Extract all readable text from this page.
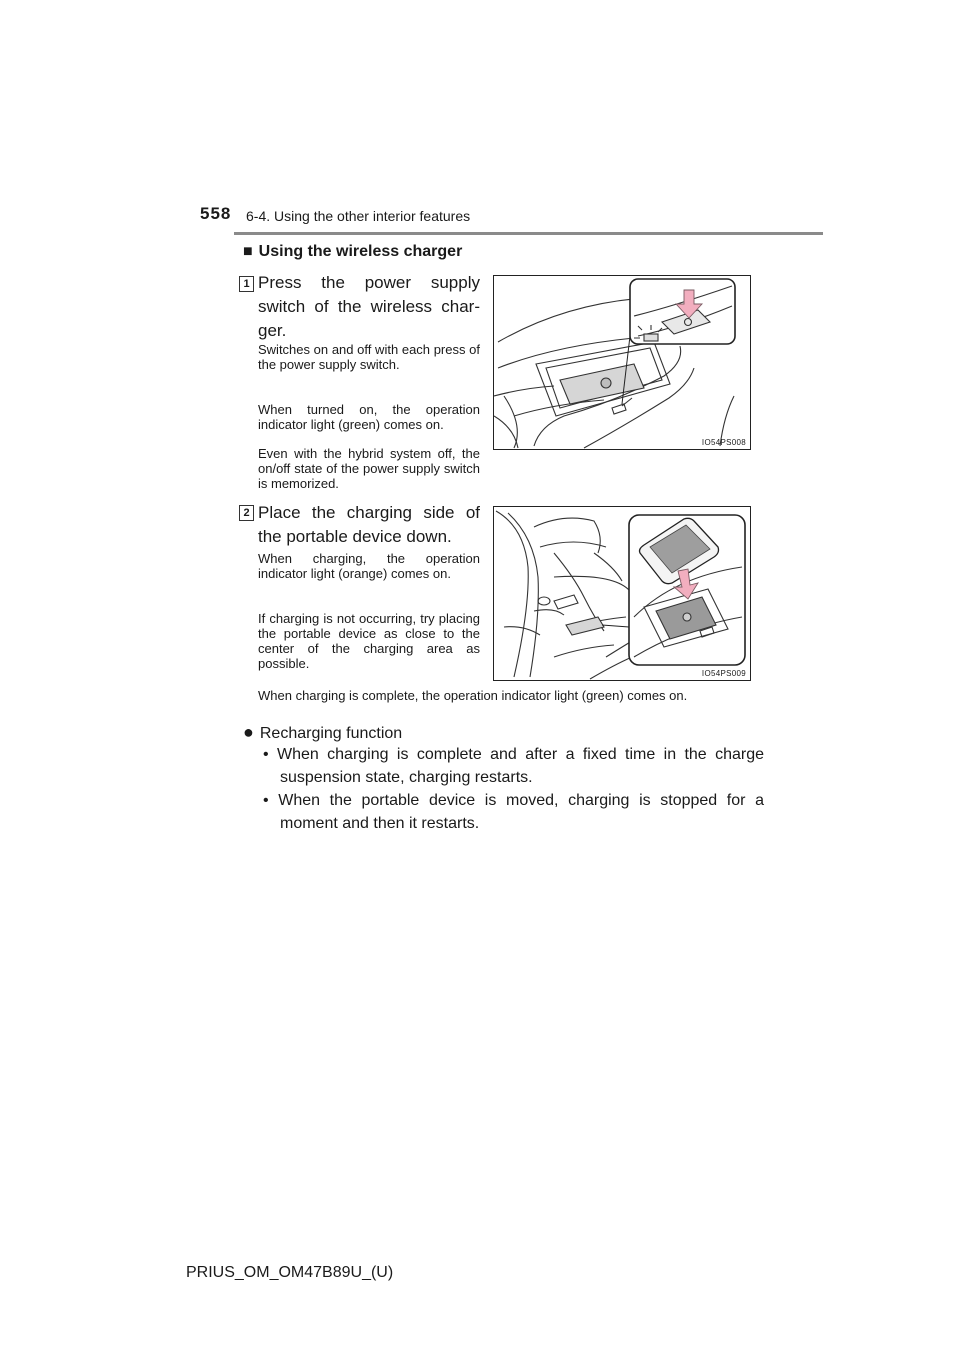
558 6-4. Using the other interior features
■ Using the wireless charger
1 Press the power supply switch of the wireless char-ger.
Switches on and off with each press of the power supply switch.
When turned on, the operation indicator light (green) comes on.
Even with the hybrid system off, the on/off state of the power supply switch is memorized.
IO54PS008
2 Place the charging side of the portable device down.
When charging, the operation indicator light (orange) comes on.
If charging is not occurring, try placing the portable device as close to the center of the charging area as possible.
When charging is complete, the operation indicator light (green) comes on.
IO54PS009
● Recharging function
• When charging is complete and after a fixed time in the charge suspension state, charging restarts.
• When the portable device is moved, charging is stopped for a moment and then it restarts.
PRIUS_OM_OM47B89U_(U)
